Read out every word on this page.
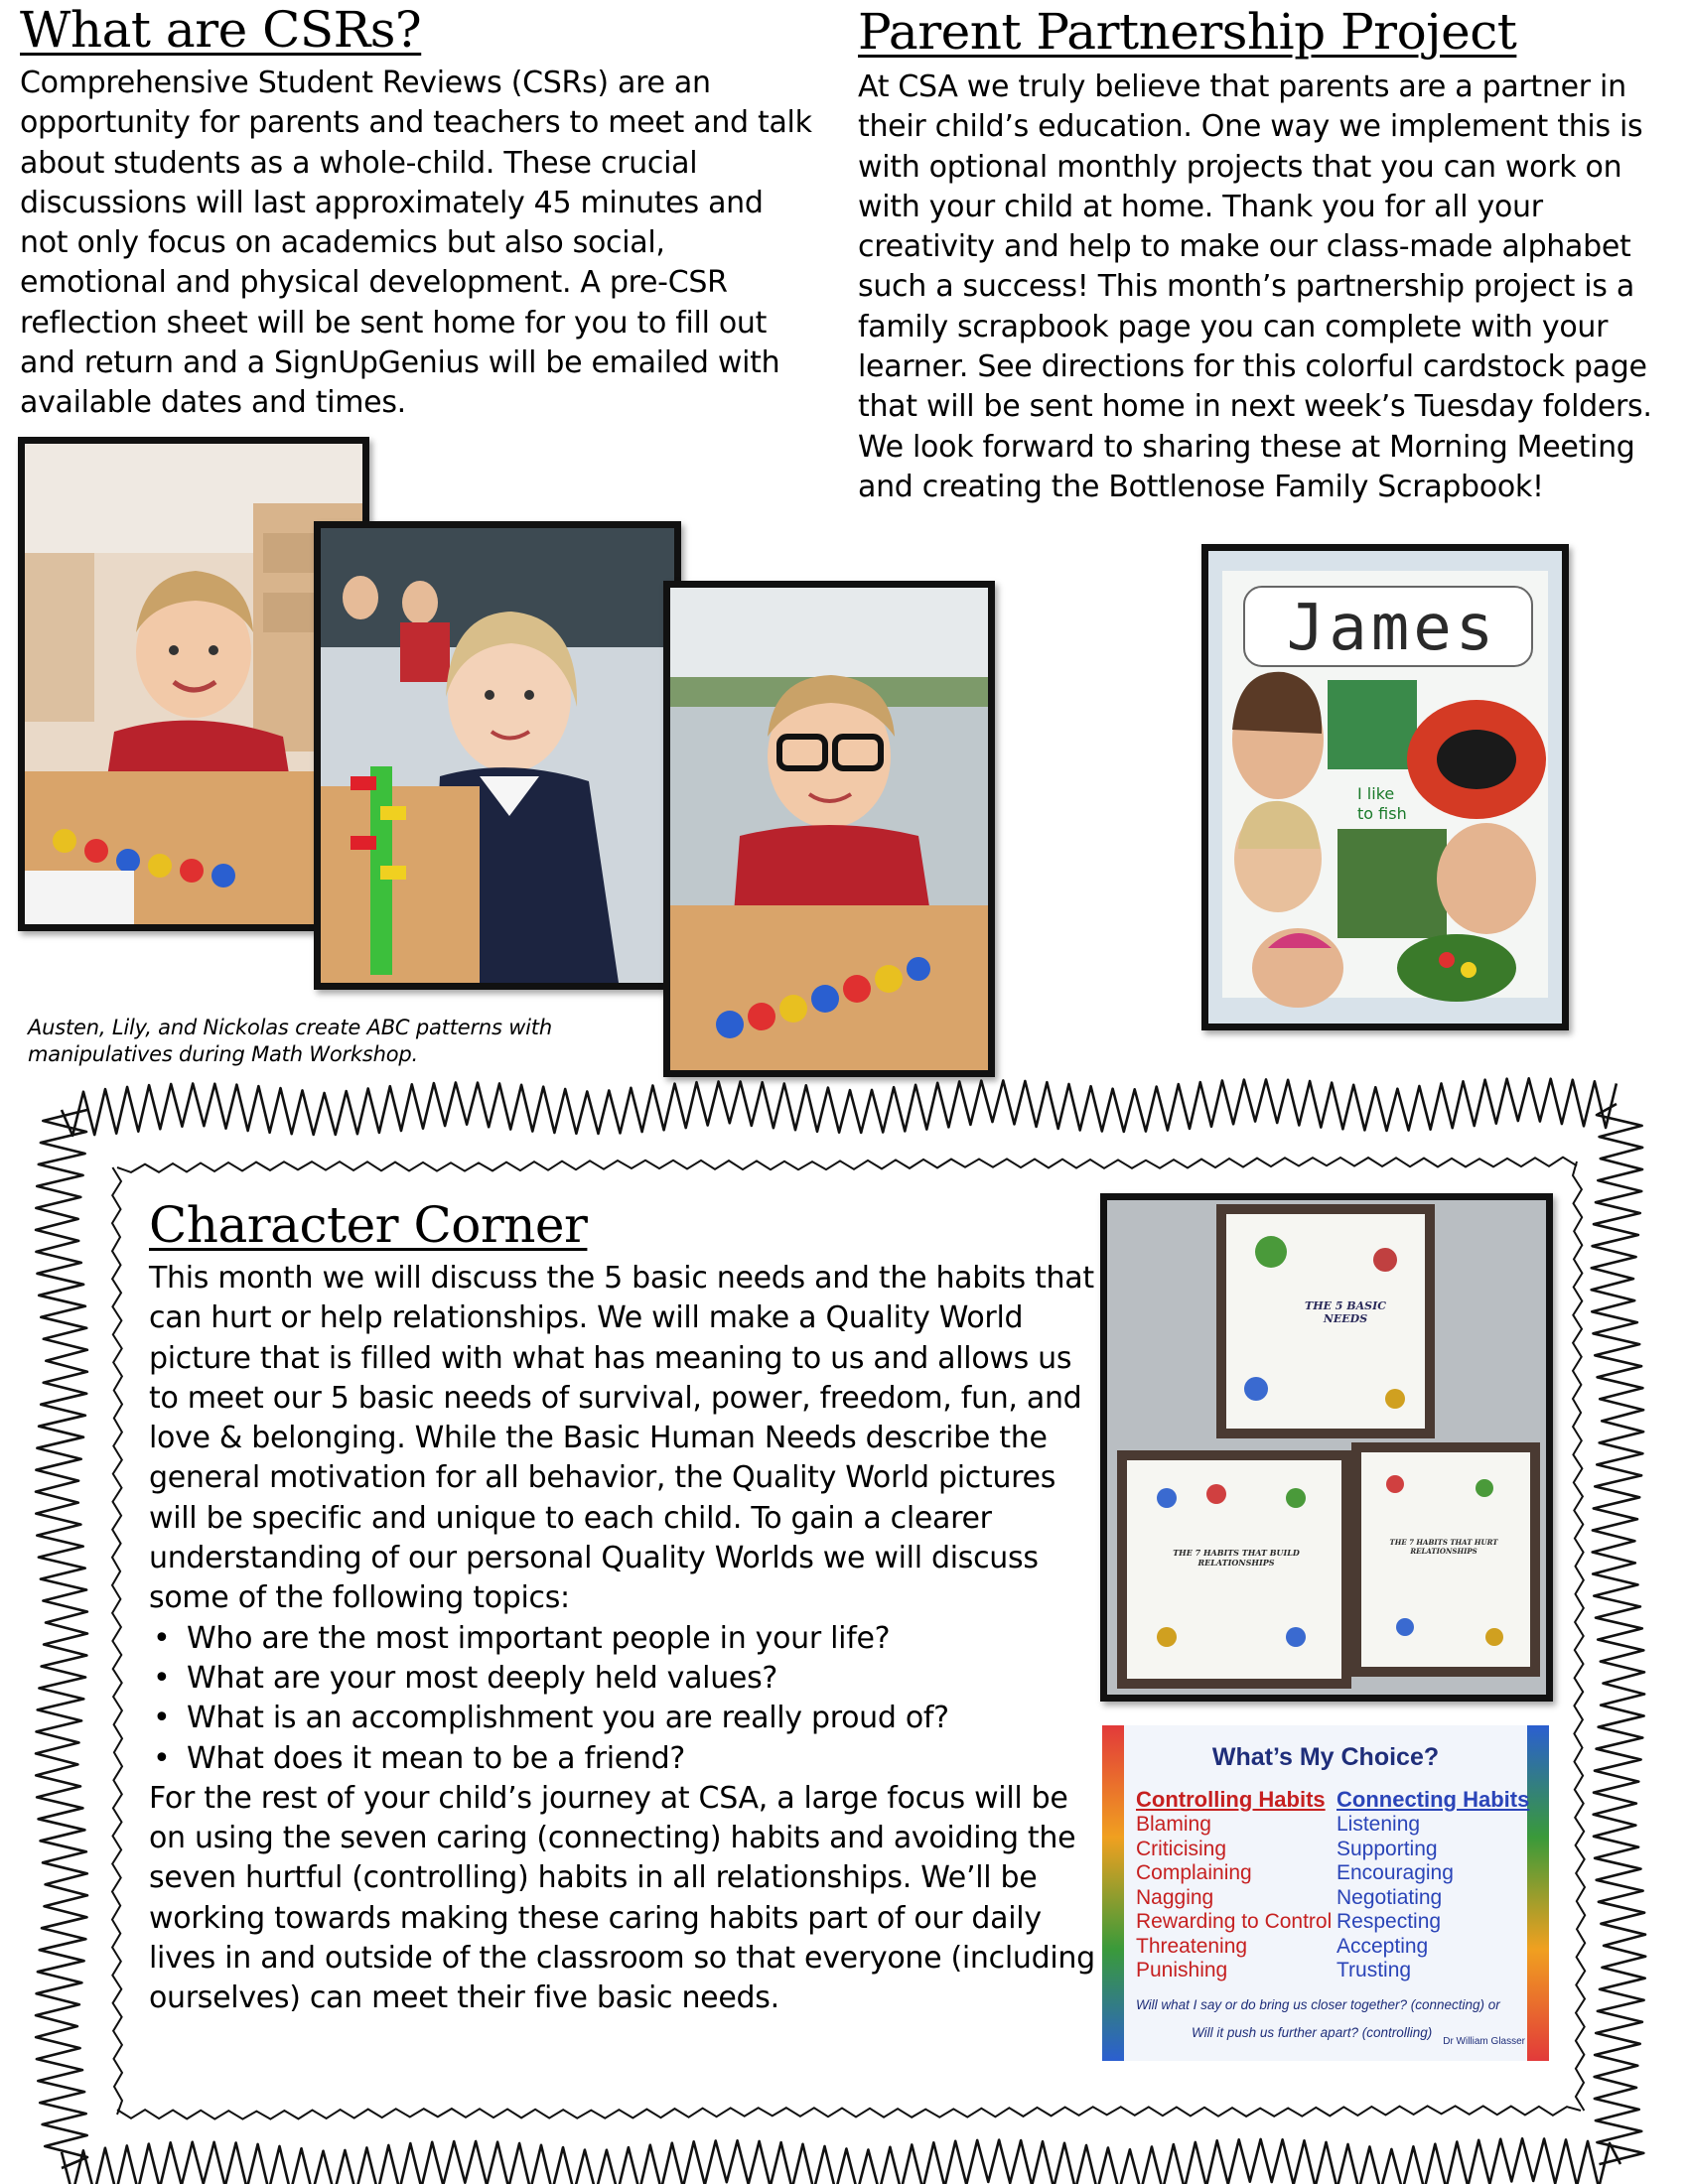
What are CSRs?

Comprehensive Student Reviews (CSRs) are an opportunity for parents and teachers to meet and talk about students as a whole-child. These crucial discussions will last approximately 45 minutes and not only focus on academics but also social, emotional and physical development. A pre-CSR reflection sheet will be sent home for you to fill out and return and a SignUpGenius will be emailed with available dates and times.

Parent Partnership Project

At CSA we truly believe that parents are a partner in their child’s education. One way we implement this is with optional monthly projects that you can work on with your child at home. Thank you for all your creativity and help to make our class-made alphabet such a success! This month’s partnership project is a family scrapbook page you can complete with your learner. See directions for this colorful cardstock page that will be sent home in next week’s Tuesday folders. We look forward to sharing these at Morning Meeting and creating the Bottlenose Family Scrapbook!

Austen, Lily, and Nickolas create ABC patterns with manipulatives during Math Workshop.
I like
to fish
James
Character Corner
This month we will discuss the 5 basic needs and the habits that can hurt or help relationships. We will make a Quality World picture that is filled with what has meaning to us and allows us to meet our 5 basic needs of survival, power, freedom, fun, and love & belonging. While the Basic Human Needs describe the general motivation for all behavior, the Quality World pictures will be specific and unique to each child. To gain a clearer understanding of our personal Quality Worlds we will discuss some of the following topics:
• Who are the most important people in your life?
• What are your most deeply held values?
• What is an accomplishment you are really proud of?
• What does it mean to be a friend?
For the rest of your child’s journey at CSA, a large focus will be on using the seven caring (connecting) habits and avoiding the seven hurtful (controlling) habits in all relationships. We’ll be working towards making these caring habits part of our daily lives in and outside of the classroom so that everyone (including ourselves) can meet their five basic needs.
THE 5 BASIC NEEDS
THE 7 HABITS THAT BUILD RELATIONSHIPS
THE 7 HABITS THAT HURT RELATIONSHIPS
What’s My Choice?
Controlling Habits Connecting Habits
Blaming
Criticising
Complaining
Nagging
Rewarding to Control
Threatening
Punishing
Listening
Supporting
Encouraging
Negotiating
Respecting
Accepting
Trusting
Will what I say or do bring us closer together? (connecting) or
Will it push us further apart? (controlling)
Dr William Glasser
